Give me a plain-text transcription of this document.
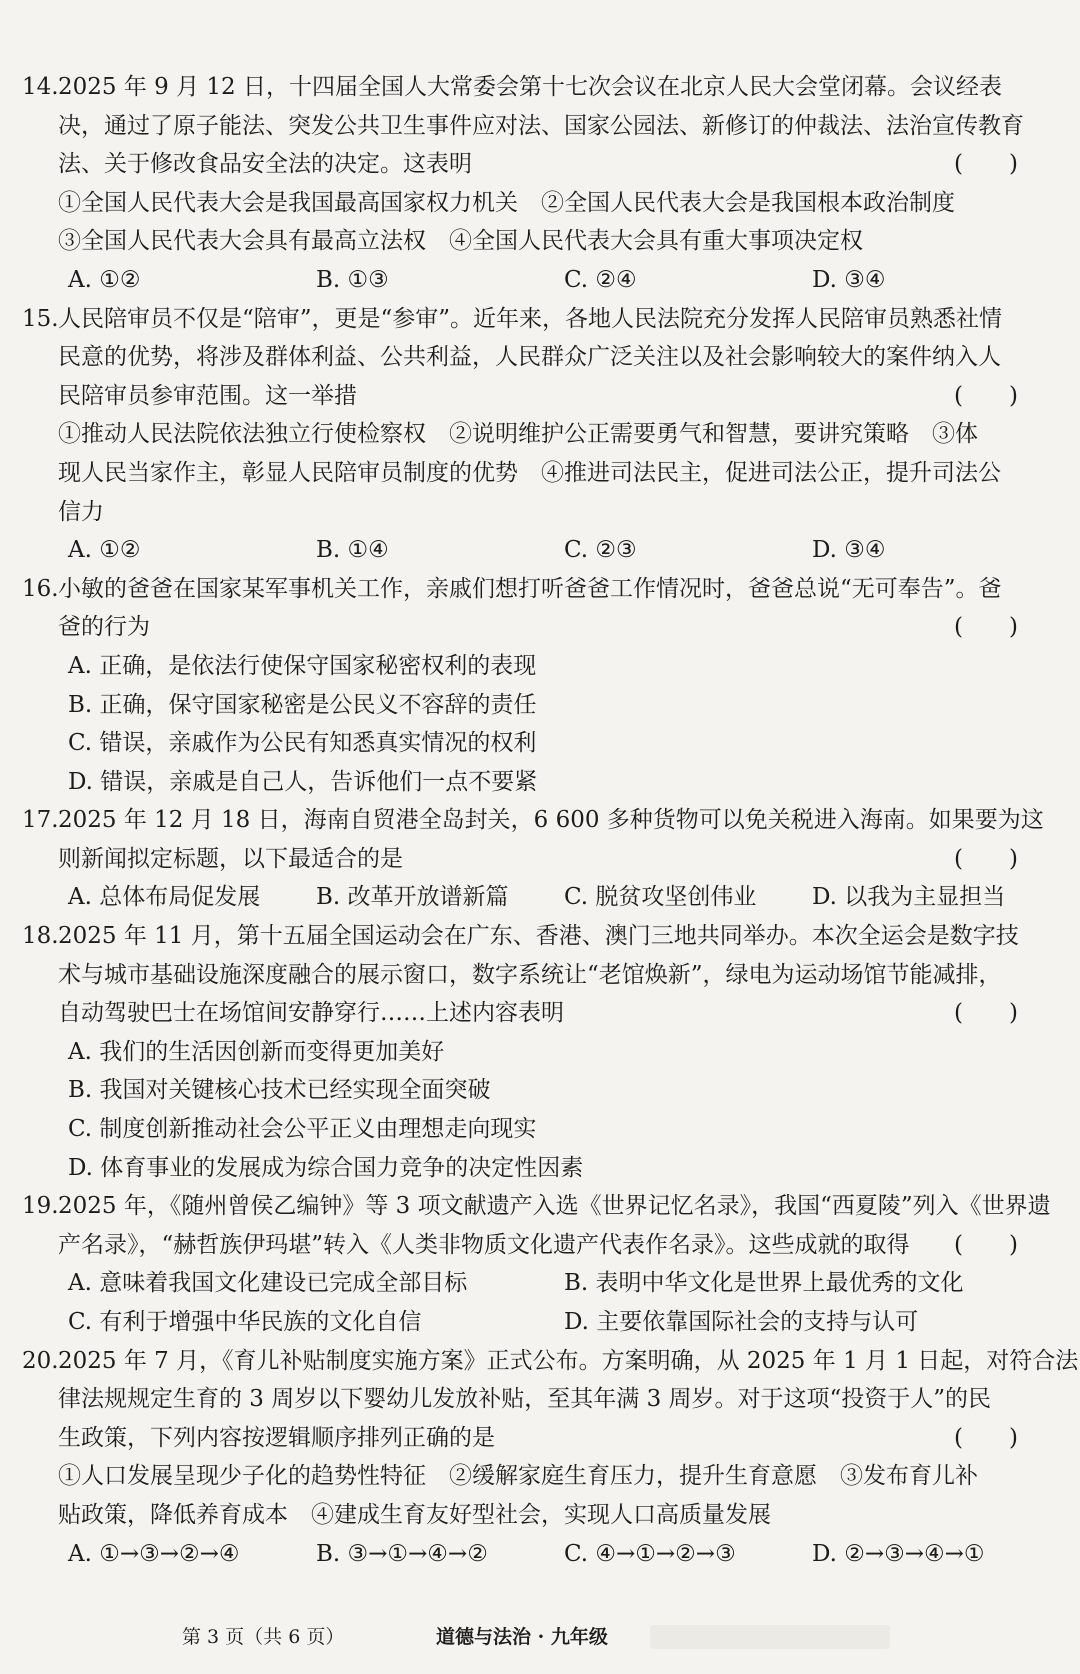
14.2025 年 9 月 12 日，十四届全国人大常委会第十七次会议在北京人民大会堂闭幕。会议经表
决，通过了原子能法、突发公共卫生事件应对法、国家公园法、新修订的仲裁法、法治宣传教育
法、关于修改食品安全法的决定。这表明	(　　)
①全国人民代表大会是我国最高国家权力机关　②全国人民代表大会是我国根本政治制度
③全国人民代表大会具有最高立法权　④全国人民代表大会具有重大事项决定权
A. ①②	B. ①③	C. ②④	D. ③④
15.人民陪审员不仅是“陪审”，更是“参审”。近年来，各地人民法院充分发挥人民陪审员熟悉社情
民意的优势，将涉及群体利益、公共利益，人民群众广泛关注以及社会影响较大的案件纳入人
民陪审员参审范围。这一举措	(　　)
①推动人民法院依法独立行使检察权　②说明维护公正需要勇气和智慧，要讲究策略　③体
现人民当家作主，彰显人民陪审员制度的优势　④推进司法民主，促进司法公正，提升司法公
信力
A. ①②	B. ①④	C. ②③	D. ③④
16.小敏的爸爸在国家某军事机关工作，亲戚们想打听爸爸工作情况时，爸爸总说“无可奉告”。爸
爸的行为	(　　)
A. 正确，是依法行使保守国家秘密权利的表现
B. 正确，保守国家秘密是公民义不容辞的责任
C. 错误，亲戚作为公民有知悉真实情况的权利
D. 错误，亲戚是自己人，告诉他们一点不要紧
17.2025 年 12 月 18 日，海南自贸港全岛封关，6 600 多种货物可以免关税进入海南。如果要为这
则新闻拟定标题，以下最适合的是	(　　)
A. 总体布局促发展 B. 改革开放谱新篇 C. 脱贫攻坚创伟业 D. 以我为主显担当
18.2025 年 11 月，第十五届全国运动会在广东、香港、澳门三地共同举办。本次全运会是数字技
术与城市基础设施深度融合的展示窗口，数字系统让“老馆焕新”，绿电为运动场馆节能减排，
自动驾驶巴士在场馆间安静穿行……上述内容表明	(　　)
A. 我们的生活因创新而变得更加美好
B. 我国对关键核心技术已经实现全面突破
C. 制度创新推动社会公平正义由理想走向现实
D. 体育事业的发展成为综合国力竞争的决定性因素
19.2025 年，《随州曾侯乙编钟》等 3 项文献遗产入选《世界记忆名录》，我国“西夏陵”列入《世界遗
产名录》，“赫哲族伊玛堪”转入《人类非物质文化遗产代表作名录》。这些成就的取得 (　　)
A. 意味着我国文化建设已完成全部目标	B. 表明中华文化是世界上最优秀的文化
C. 有利于增强中华民族的文化自信	D. 主要依靠国际社会的支持与认可
20.2025 年 7 月，《育儿补贴制度实施方案》正式公布。方案明确，从 2025 年 1 月 1 日起，对符合法
律法规规定生育的 3 周岁以下婴幼儿发放补贴，至其年满 3 周岁。对于这项“投资于人”的民
生政策，下列内容按逻辑顺序排列正确的是	(　　)
①人口发展呈现少子化的趋势性特征　②缓解家庭生育压力，提升生育意愿　③发布育儿补
贴政策，降低养育成本　④建成生育友好型社会，实现人口高质量发展
A. ①→③→②→④	B. ③→①→④→②	C. ④→①→②→③	D. ②→③→④→①
第 3 页（共 6 页）	道德与法治 · 九年级
